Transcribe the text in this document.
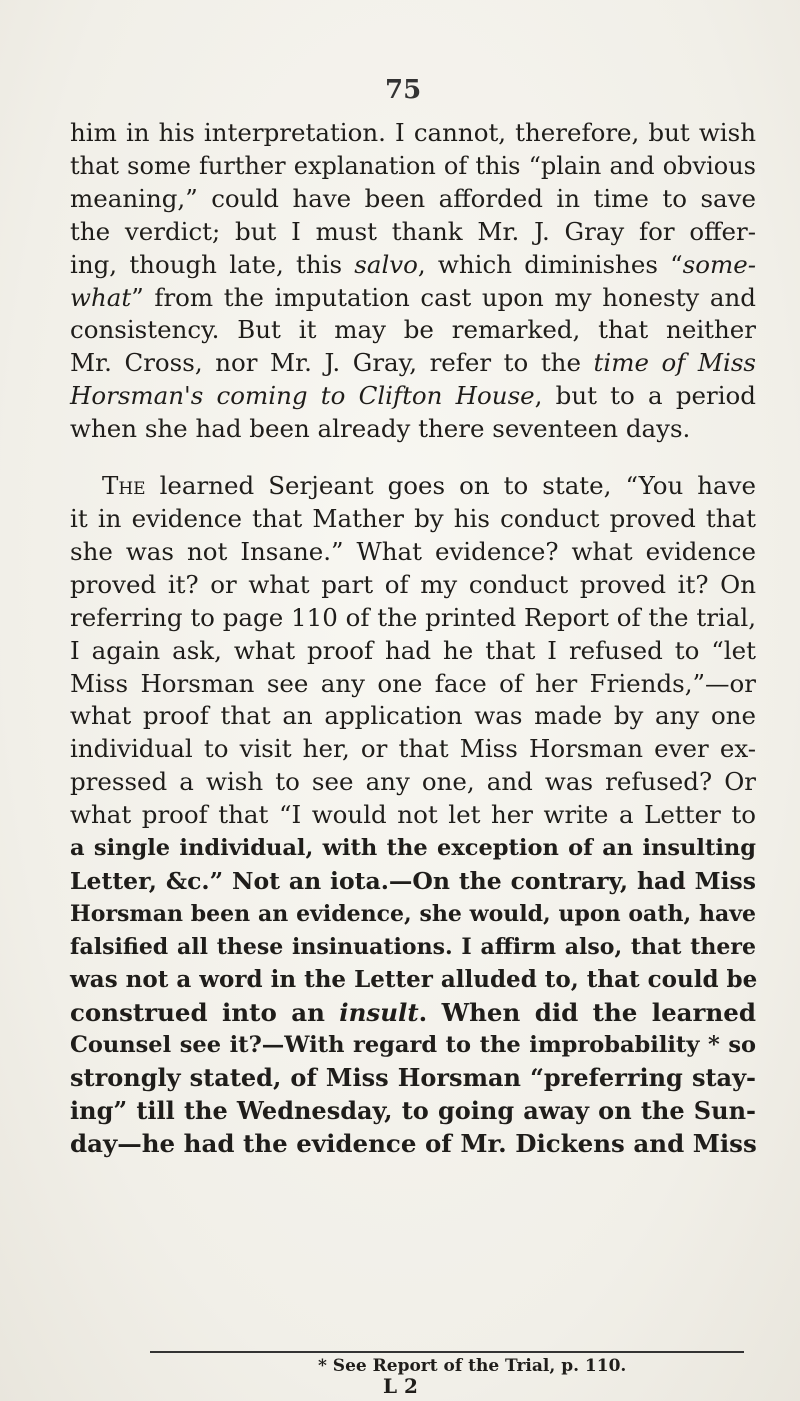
75

him in his interpretation. I cannot, therefore, but wish

that some further explanation of this “plain and obvious

meaning,” could have been afforded in time to save

the verdict; but I must thank Mr. J. Gray for offer-

ing, though late, this salvo, which diminishes “some-

what” from the imputation cast upon my honesty and

consistency. But it may be remarked, that neither

Mr. Cross, nor Mr. J. Gray, refer to the time of Miss

Horsman's coming to Clifton House, but to a period

when she had been already there seventeen days.

The learned Serjeant goes on to state, “You have

it in evidence that Mather by his conduct proved that

she was not Insane.” What evidence? what evidence

proved it? or what part of my conduct proved it? On

referring to page 110 of the printed Report of the trial,

I again ask, what proof had he that I refused to “let

Miss Horsman see any one face of her Friends,”—or

what proof that an application was made by any one

individual to visit her, or that Miss Horsman ever ex-

pressed a wish to see any one, and was refused? Or

what proof that “I would not let her write a Letter to

a single individual, with the exception of an insulting

Letter, &c.” Not an iota.—On the contrary, had Miss

Horsman been an evidence, she would, upon oath, have

falsified all these insinuations. I affirm also, that there

was not a word in the Letter alluded to, that could be

construed into an insult. When did the learned

Counsel see it?—With regard to the improbability * so

strongly stated, of Miss Horsman “preferring stay-

ing” till the Wednesday, to going away on the Sun-

day—he had the evidence of Mr. Dickens and Miss

* See Report of the Trial, p. 110.
L 2
